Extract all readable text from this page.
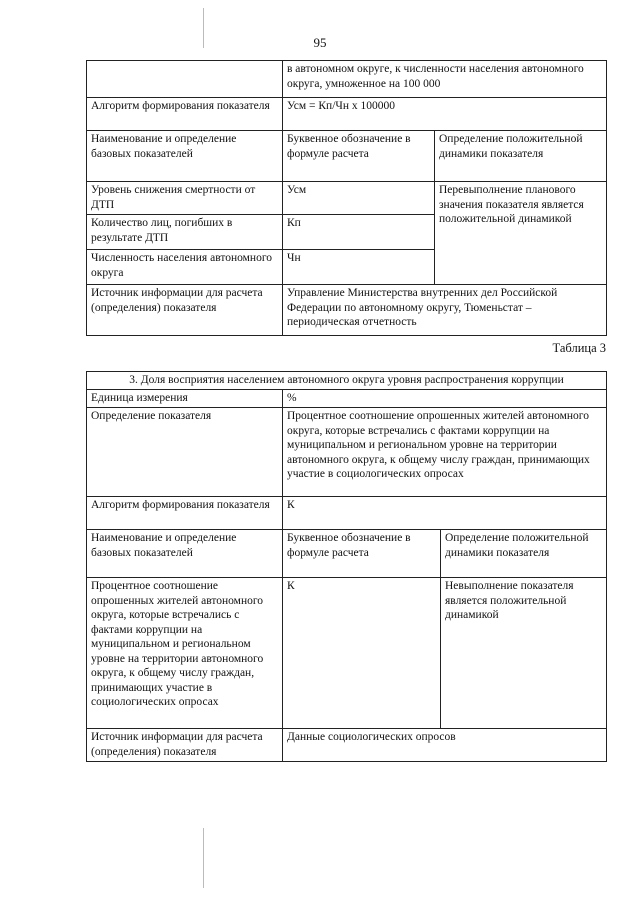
95
	в автономном округе, к численности населения автономного округа, умноженное на 100 000	
Алгоритм формирования показателя	Усм = Кп/Чн х 100000	
Наименование и определение базовых показателей	Буквенное обозначение в формуле расчета	Определение положительной динамики показателя
Уровень снижения смертности от ДТП	Усм	Перевыполнение планового значения показателя является положительной динамикой
Количество лиц, погибших в результате ДТП	Кп	
Численность населения автономного округа	Чн	
Источник информации для расчета (определения) показателя	Управление Министерства внутренних дел Российской Федерации по автономному округу, Тюменьстат – периодическая отчетность	
Таблица 3
3. Доля восприятия населением автономного округа уровня распространения коррупции		
Единица измерения	%	
Определение показателя	Процентное соотношение опрошенных жителей автономного округа, которые встречались с фактами коррупции на муниципальном и региональном уровне на территории автономного округа, к общему числу граждан, принимающих участие в социологических опросах	
Алгоритм формирования показателя	К	
Наименование и определение базовых показателей	Буквенное обозначение в формуле расчета	Определение положительной динамики показателя
Процентное соотношение опрошенных жителей автономного округа, которые встречались с фактами коррупции на муниципальном и региональном уровне на территории автономного округа, к общему числу граждан, принимающих участие в социологических опросах	К	Невыполнение показателя является положительной динамикой
Источник информации для расчета (определения) показателя	Данные социологических опросов	
